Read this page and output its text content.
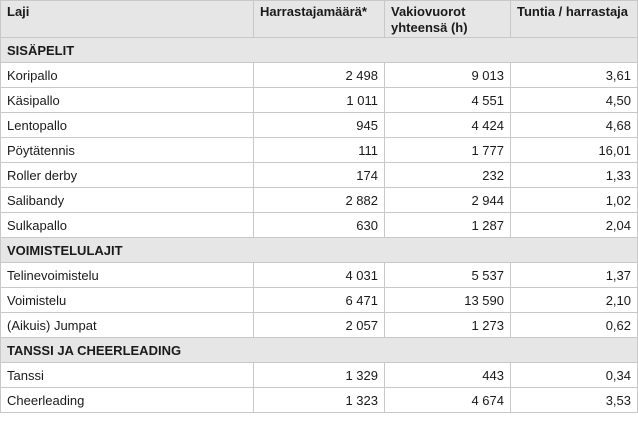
Laji	Harrastajamäärä*	Vakiovuorot yhteensä (h)	Tuntia / harrastaja
SISÄPELIT			
Koripallo	2 498	9 013	3,61
Käsipallo	1 011	4 551	4,50
Lentopallo	945	4 424	4,68
Pöytätennis	111	1 777	16,01
Roller derby	174	232	1,33
Salibandy	2 882	2 944	1,02
Sulkapallo	630	1 287	2,04
VOIMISTELULAJIT			
Telinevoimistelu	4 031	5 537	1,37
Voimistelu	6 471	13 590	2,10
(Aikuis) Jumpat	2 057	1 273	0,62
TANSSI JA CHEERLEADING			
Tanssi	1 329	443	0,34
Cheerleading	1 323	4 674	3,53
